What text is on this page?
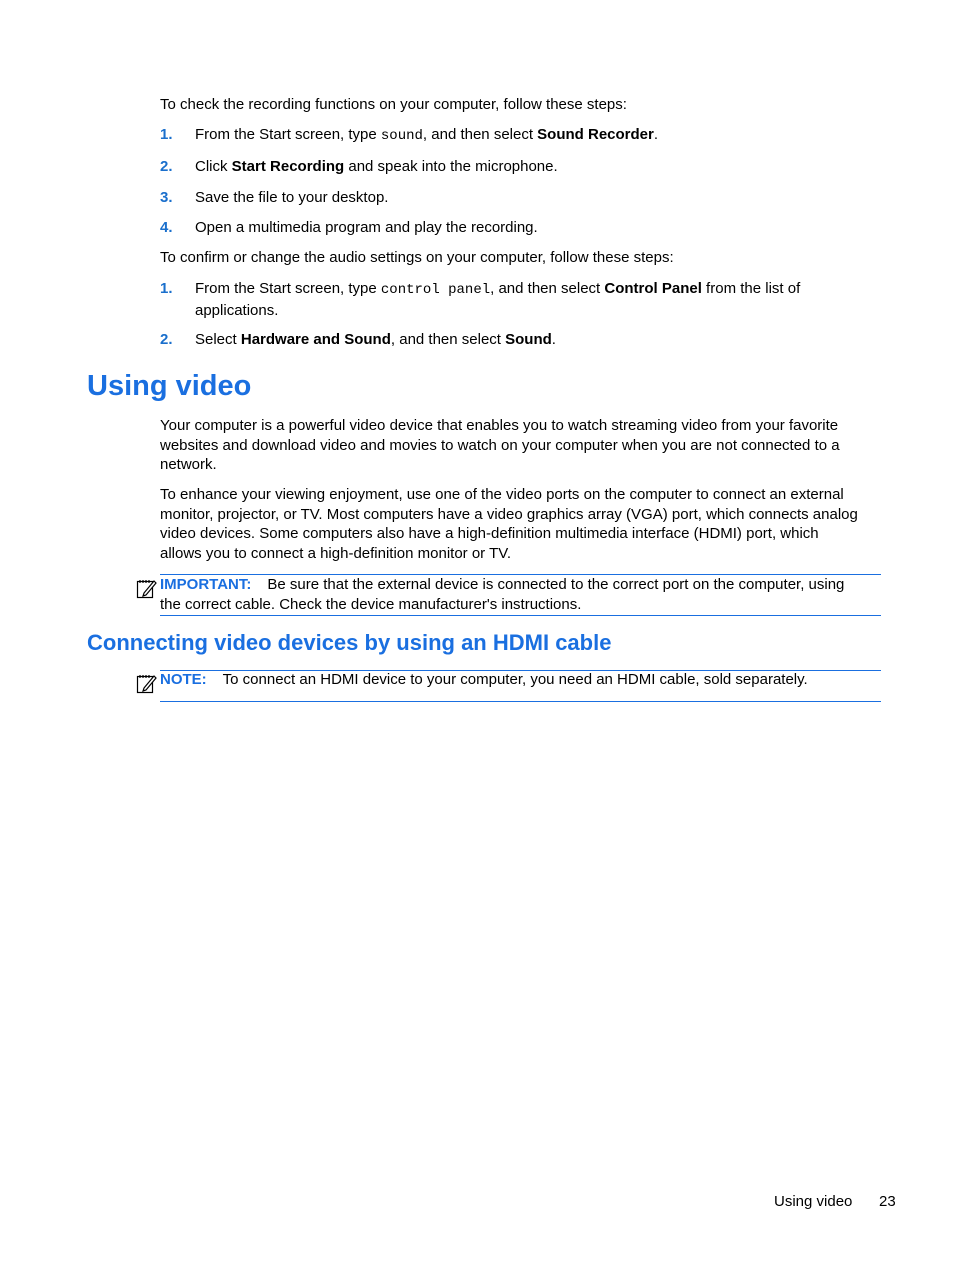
To check the recording functions on your computer, follow these steps:

1. From the Start screen, type sound, and then select Sound Recorder.
2. Click Start Recording and speak into the microphone.
3. Save the file to your desktop.
4. Open a multimedia program and play the recording.

To confirm or change the audio settings on your computer, follow these steps:

1. From the Start screen, type control panel, and then select Control Panel from the list of applications.
2. Select Hardware and Sound, and then select Sound.
Using video

Your computer is a powerful video device that enables you to watch streaming video from your favorite websites and download video and movies to watch on your computer when you are not connected to a network.

To enhance your viewing enjoyment, use one of the video ports on the computer to connect an external monitor, projector, or TV. Most computers have a video graphics array (VGA) port, which connects analog video devices. Some computers also have a high-definition multimedia interface (HDMI) port, which allows you to connect a high-definition monitor or TV.

IMPORTANT: Be sure that the external device is connected to the correct port on the computer, using the correct cable. Check the device manufacturer's instructions.
Connecting video devices by using an HDMI cable
NOTE: To connect an HDMI device to your computer, you need an HDMI cable, sold separately.
Using video 23
